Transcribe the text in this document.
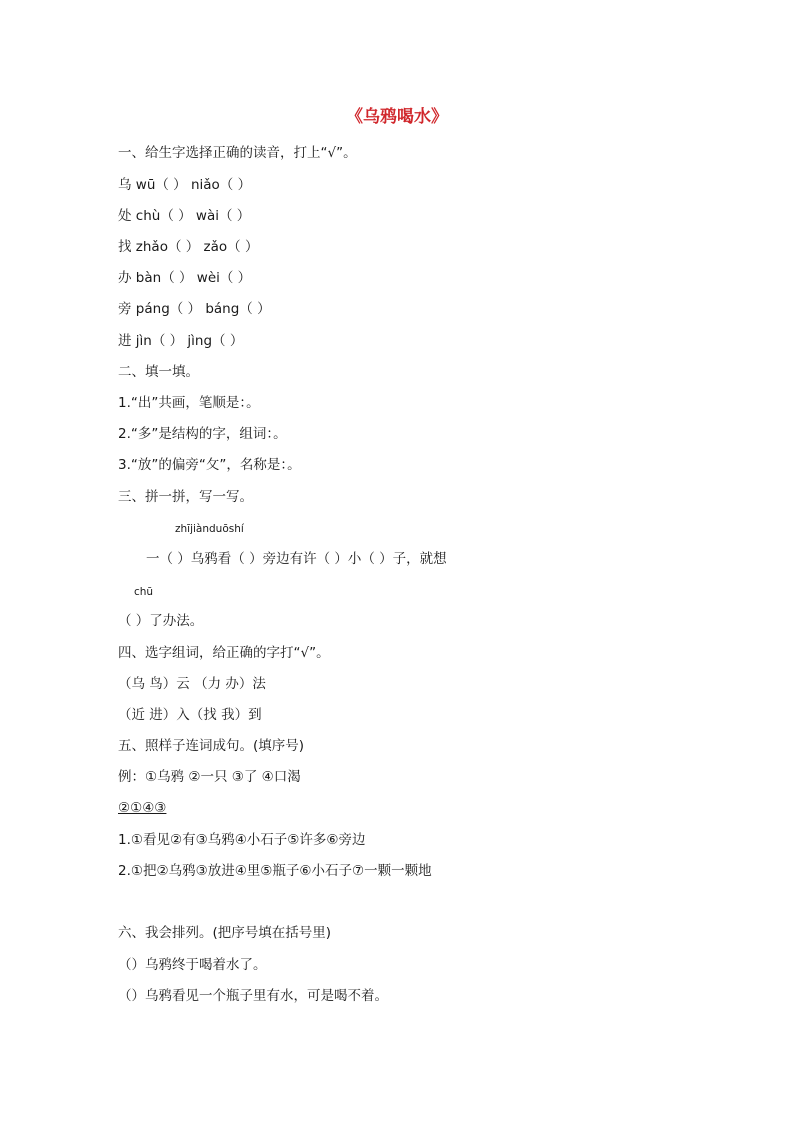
《乌鸦喝水》
一、给生字选择正确的读音，打上“√”。
乌 wū（ ） niǎo（ ）
处 chù（ ） wài（ ）
找 zhǎo（ ） zǎo（ ）
办 bàn（ ） wèi（ ）
旁 páng（ ） báng（ ）
进 jìn（ ） jìng（ ）
二、填一填。
1.“出”共画，笔顺是：。
2.“多”是结构的字，组词：。
3.“放”的偏旁“攵”，名称是：。
三、拼一拼，写一写。
zhījiànduōshí
一（ ）乌鸦看（ ）旁边有许（ ）小（ ）子，就想
chū
（ ）了办法。
四、选字组词，给正确的字打“√”。
（乌 鸟）云 （力 办）法
（近 进）入（找 我）到
五、照样子连词成句。(填序号)
例：①乌鸦 ②一只 ③了 ④口渴
②①④③
1.①看见②有③乌鸦④小石子⑤许多⑥旁边
2.①把②乌鸦③放进④里⑤瓶子⑥小石子⑦一颗一颗地
六、我会排列。(把序号填在括号里)
（）乌鸦终于喝着水了。
（）乌鸦看见一个瓶子里有水，可是喝不着。
